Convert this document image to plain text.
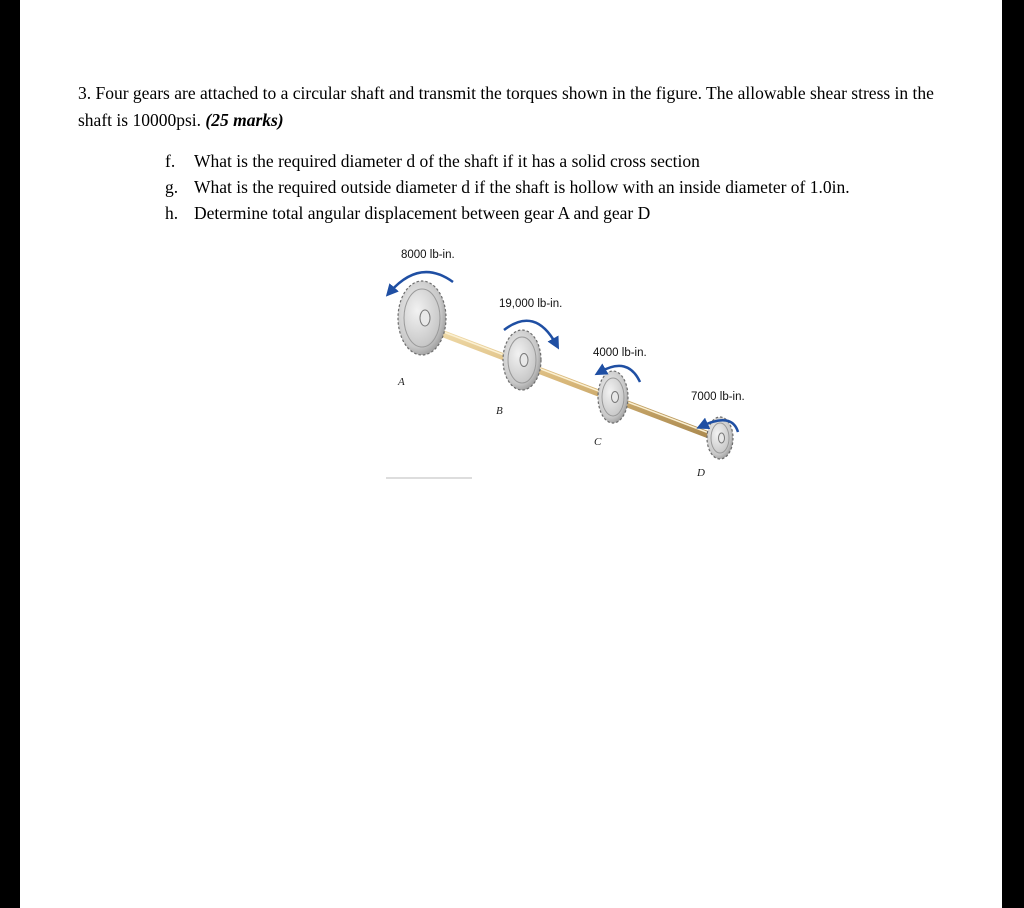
3. Four gears are attached to a circular shaft and transmit the torques shown in the figure. The allowable shear stress in the shaft is 10000psi. (25 marks)
f.	What is the required diameter d of the shaft if it has a solid cross section
g. What is the required outside diameter d if the shaft is hollow with an inside diameter of 1.0in.
h. Determine total angular displacement between gear A and gear D
8000 lb-in.
19,000 lb-in.
4000 lb-in.
7000 lb-in.
A
B
C
D
